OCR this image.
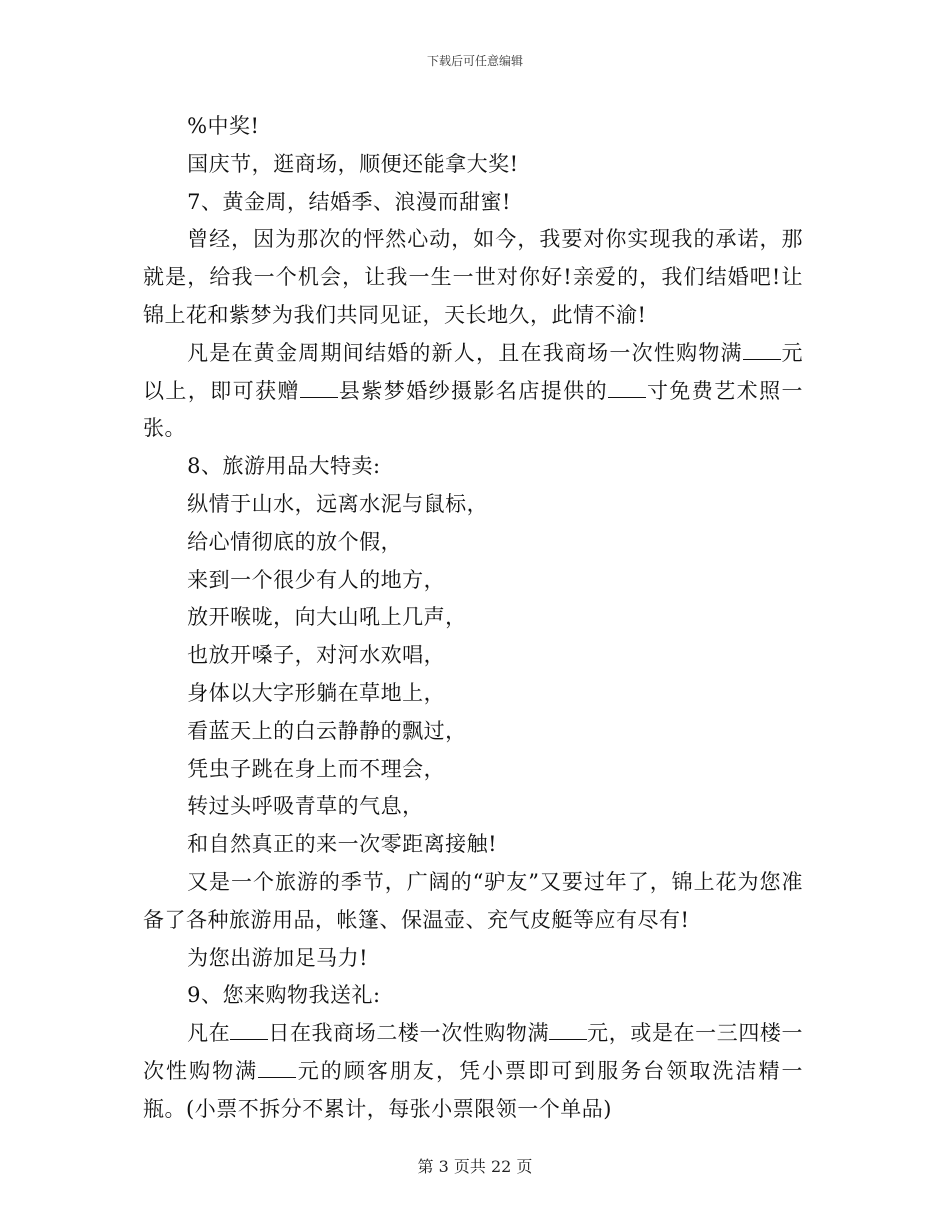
下载后可任意编辑

%中奖!

国庆节，逛商场，顺便还能拿大奖!

7、黄金周，结婚季、浪漫而甜蜜!

曾经，因为那次的怦然心动，如今，我要对你实现我的承诺，那就是，给我一个机会，让我一生一世对你好!亲爱的，我们结婚吧!让锦上花和紫梦为我们共同见证，天长地久，此情不渝!

凡是在黄金周期间结婚的新人，且在我商场一次性购物满 元以上，即可获赠 县紫梦婚纱摄影名店提供的 寸免费艺术照一张。

8、旅游用品大特卖:

纵情于山水，远离水泥与鼠标，

给心情彻底的放个假，

来到一个很少有人的地方，

放开喉咙，向大山吼上几声，

也放开嗓子，对河水欢唱，

身体以大字形躺在草地上，

看蓝天上的白云静静的飘过，

凭虫子跳在身上而不理会，

转过头呼吸青草的气息，

和自然真正的来一次零距离接触!

又是一个旅游的季节，广阔的“驴友”又要过年了，锦上花为您准备了各种旅游用品，帐篷、保温壶、充气皮艇等应有尽有!

为您出游加足马力!

9、您来购物我送礼:

凡在 日在我商场二楼一次性购物满 元，或是在一三四楼一次性购物满 元的顾客朋友，凭小票即可到服务台领取洗洁精一瓶。(小票不拆分不累计，每张小票限领一个单品)

第 3 页共 22 页
